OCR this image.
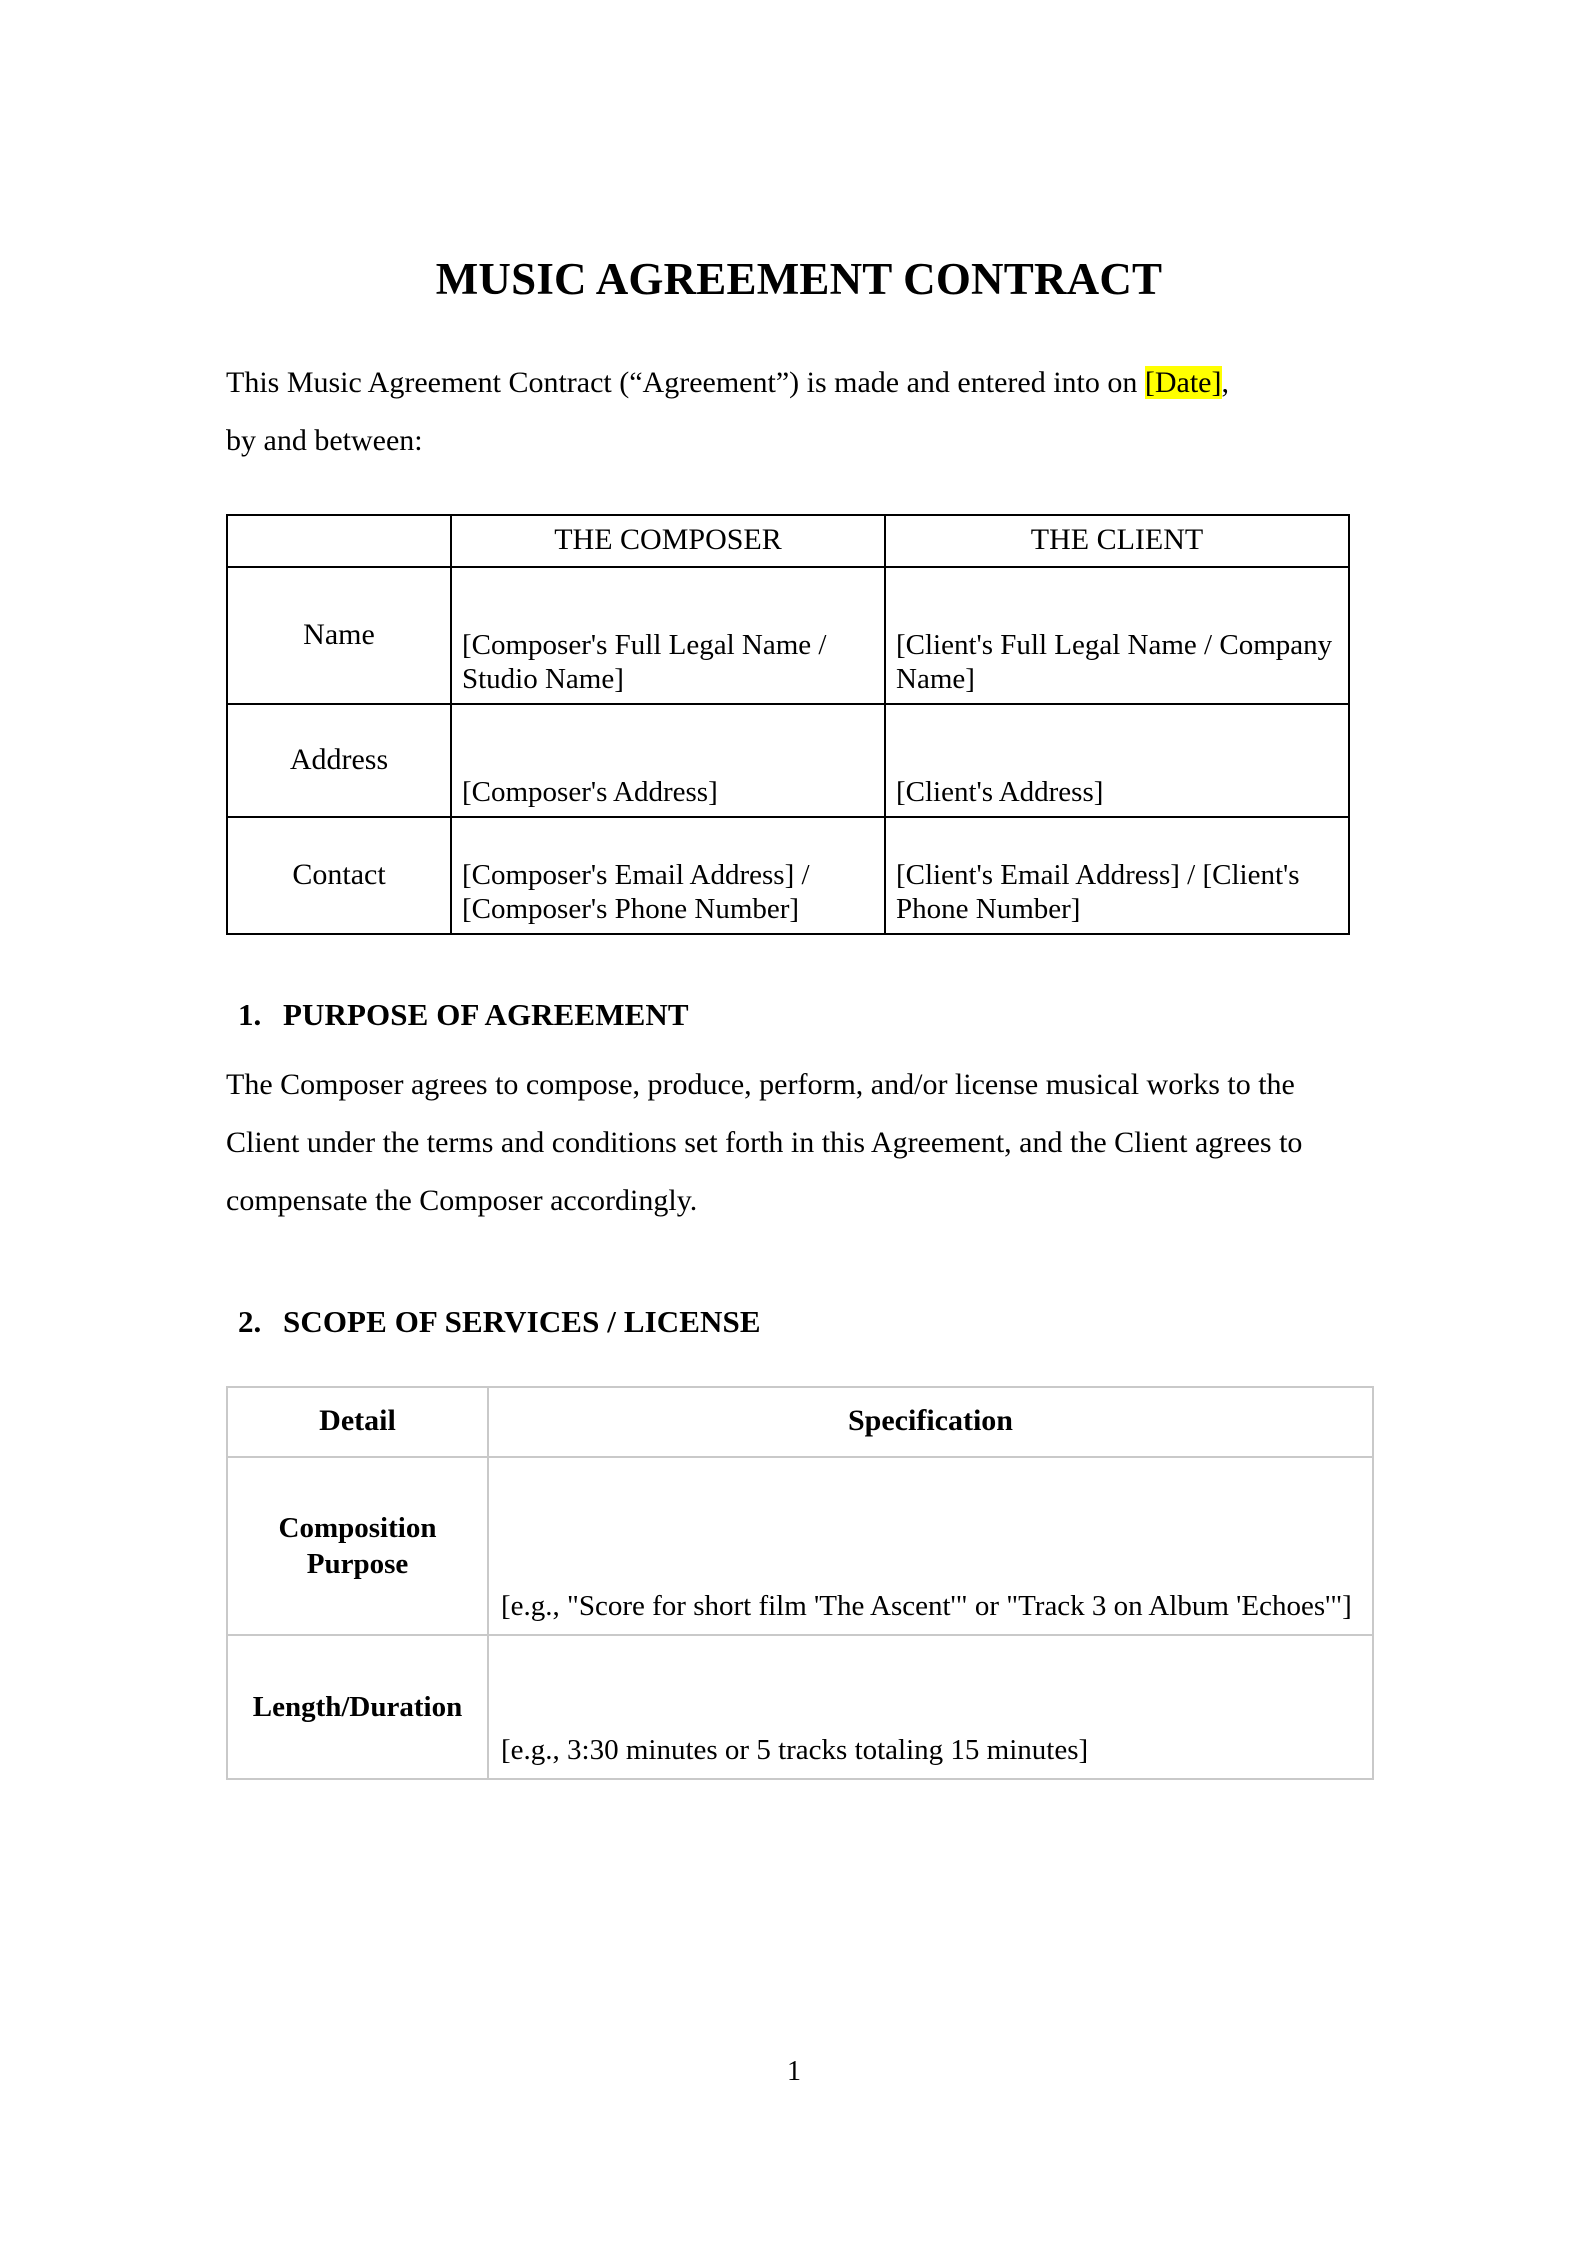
MUSIC AGREEMENT CONTRACT

This Music Agreement Contract (“Agreement”) is made and entered into on [Date],
by and between:

	THE COMPOSER	THE CLIENT
Name	[Composer's Full Legal Name / Studio Name]	[Client's Full Legal Name / Company Name]
Address	[Composer's Address]	[Client's Address]
Contact	[Composer's Email Address] / [Composer's Phone Number]	[Client's Email Address] / [Client's Phone Number]
1. PURPOSE OF AGREEMENT

The Composer agrees to compose, produce, perform, and/or license musical works to the Client under the terms and conditions set forth in this Agreement, and the Client agrees to compensate the Composer accordingly.

2. SCOPE OF SERVICES / LICENSE
Detail	Specification
Composition Purpose	[e.g., "Score for short film 'The Ascent'" or "Track 3 on Album 'Echoes'"]
Length/Duration	[e.g., 3:30 minutes or 5 tracks totaling 15 minutes]
1
